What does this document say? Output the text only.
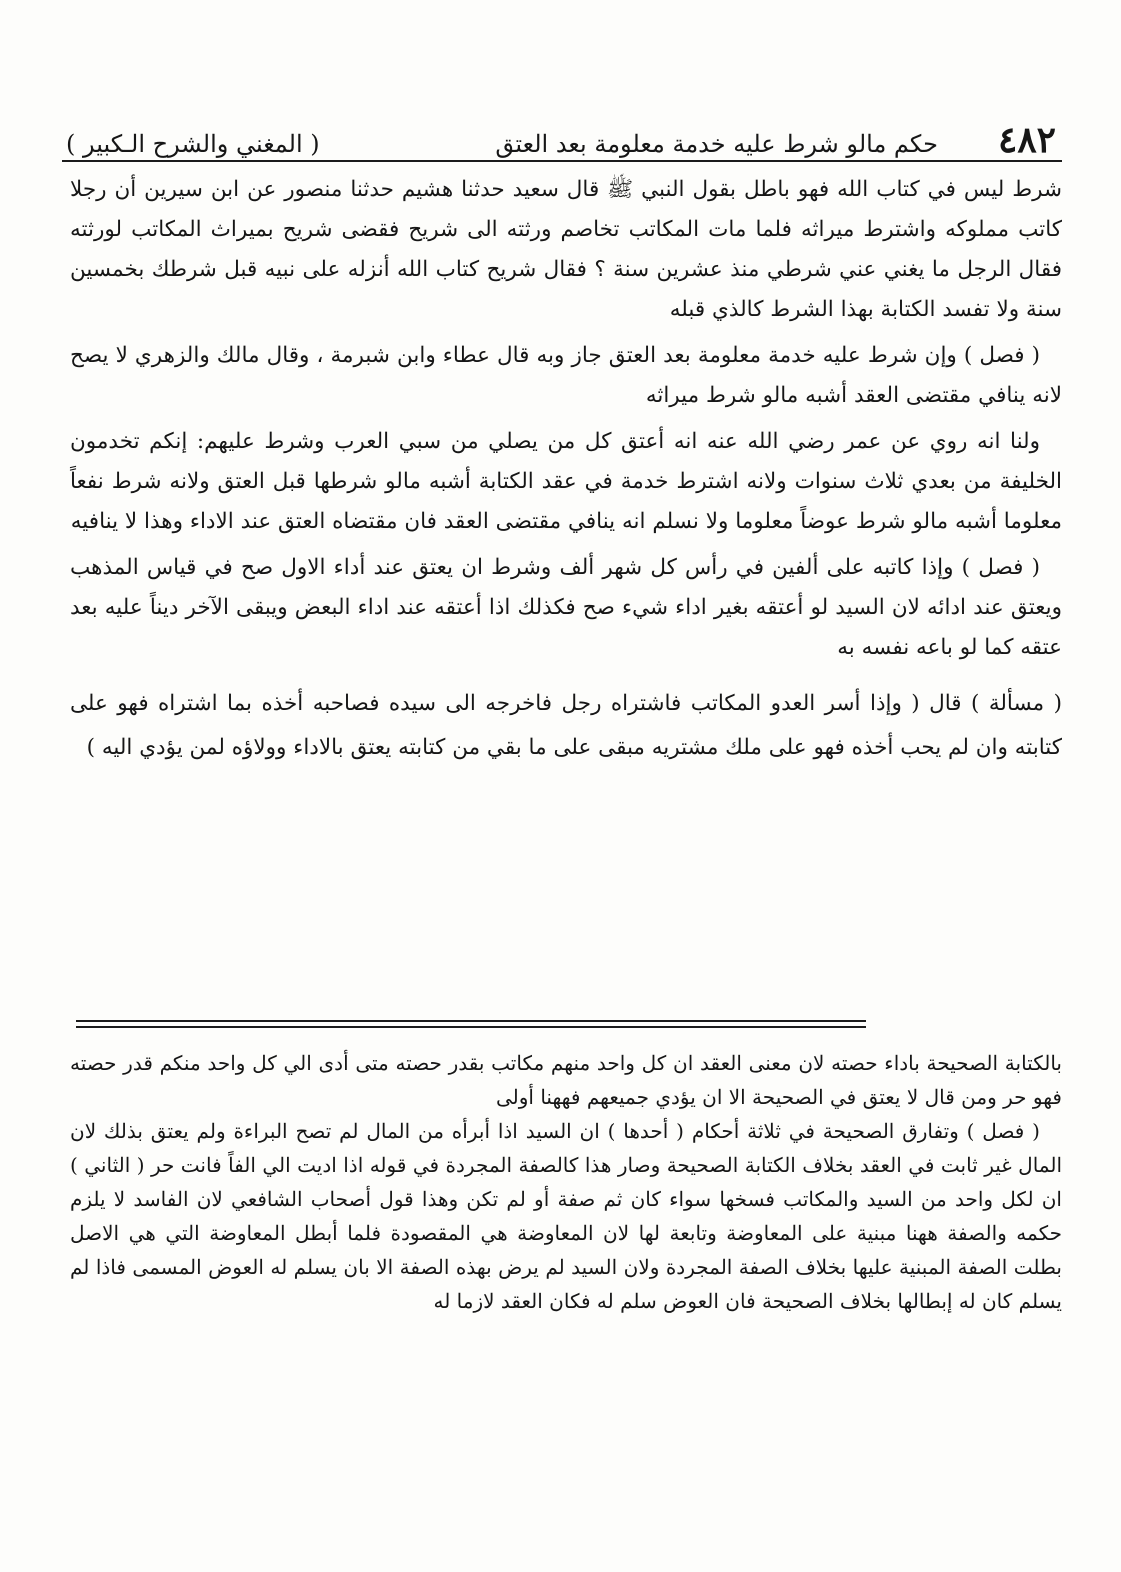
٤٨٢
حكم مالو شرط عليه خدمة معلومة بعد العتق
( المغني والشرح الـكبير )

شرط ليس في كتاب الله فهو باطل بقول النبي ﷺ قال سعيد حدثنا هشيم حدثنا منصور عن ابن سيرين أن رجلا كاتب مملوكه واشترط ميراثه فلما مات المكاتب تخاصم ورثته الى شريح فقضى شريح بميراث المكاتب لورثته فقال الرجل ما يغني عني شرطي منذ عشرين سنة ؟ فقال شريح كتاب الله أنزله على نبيه قبل شرطك بخمسين سنة ولا تفسد الكتابة بهذا الشرط كالذي قبله

( فصل ) وإن شرط عليه خدمة معلومة بعد العتق جاز وبه قال عطاء وابن شبرمة ، وقال مالك والزهري لا يصح لانه ينافي مقتضى العقد أشبه مالو شرط ميراثه

ولنا انه روي عن عمر رضي الله عنه انه أعتق كل من يصلي من سبي العرب وشرط عليهم: إنكم تخدمون الخليفة من بعدي ثلاث سنوات ولانه اشترط خدمة في عقد الكتابة أشبه مالو شرطها قبل العتق ولانه شرط نفعاً معلوما أشبه مالو شرط عوضاً معلوما ولا نسلم انه ينافي مقتضى العقد فان مقتضاه العتق عند الاداء وهذا لا ينافيه

( فصل ) وإذا كاتبه على ألفين في رأس كل شهر ألف وشرط ان يعتق عند أداء الاول صح في قياس المذهب ويعتق عند ادائه لان السيد لو أعتقه بغير اداء شيء صح فكذلك اذا أعتقه عند اداء البعض ويبقى الآخر ديناً عليه بعد عتقه كما لو باعه نفسه به

( مسألة ) قال ( وإذا أسر العدو المكاتب فاشتراه رجل فاخرجه الى سيده فصاحبه أخذه بما اشتراه فهو على كتابته وان لم يحب أخذه فهو على ملك مشتريه مبقى على ما بقي من كتابته يعتق بالاداء وولاؤه لمن يؤدي اليه )

بالكتابة الصحيحة باداء حصته لان معنى العقد ان كل واحد منهم مكاتب بقدر حصته متى أدى الي كل واحد منكم قدر حصته فهو حر ومن قال لا يعتق في الصحيحة الا ان يؤدي جميعهم فههنا أولى

( فصل ) وتفارق الصحيحة في ثلاثة أحكام ( أحدها ) ان السيد اذا أبرأه من المال لم تصح البراءة ولم يعتق بذلك لان المال غير ثابت في العقد بخلاف الكتابة الصحيحة وصار هذا كالصفة المجردة في قوله اذا اديت الي الفاً فانت حر ( الثاني ) ان لكل واحد من السيد والمكاتب فسخها سواء كان ثم صفة أو لم تكن وهذا قول أصحاب الشافعي لان الفاسد لا يلزم حكمه والصفة ههنا مبنية على المعاوضة وتابعة لها لان المعاوضة هي المقصودة فلما أبطل المعاوضة التي هي الاصل بطلت الصفة المبنية عليها بخلاف الصفة المجردة ولان السيد لم يرض بهذه الصفة الا بان يسلم له العوض المسمى فاذا لم يسلم كان له إبطالها بخلاف الصحيحة فان العوض سلم له فكان العقد لازما له
